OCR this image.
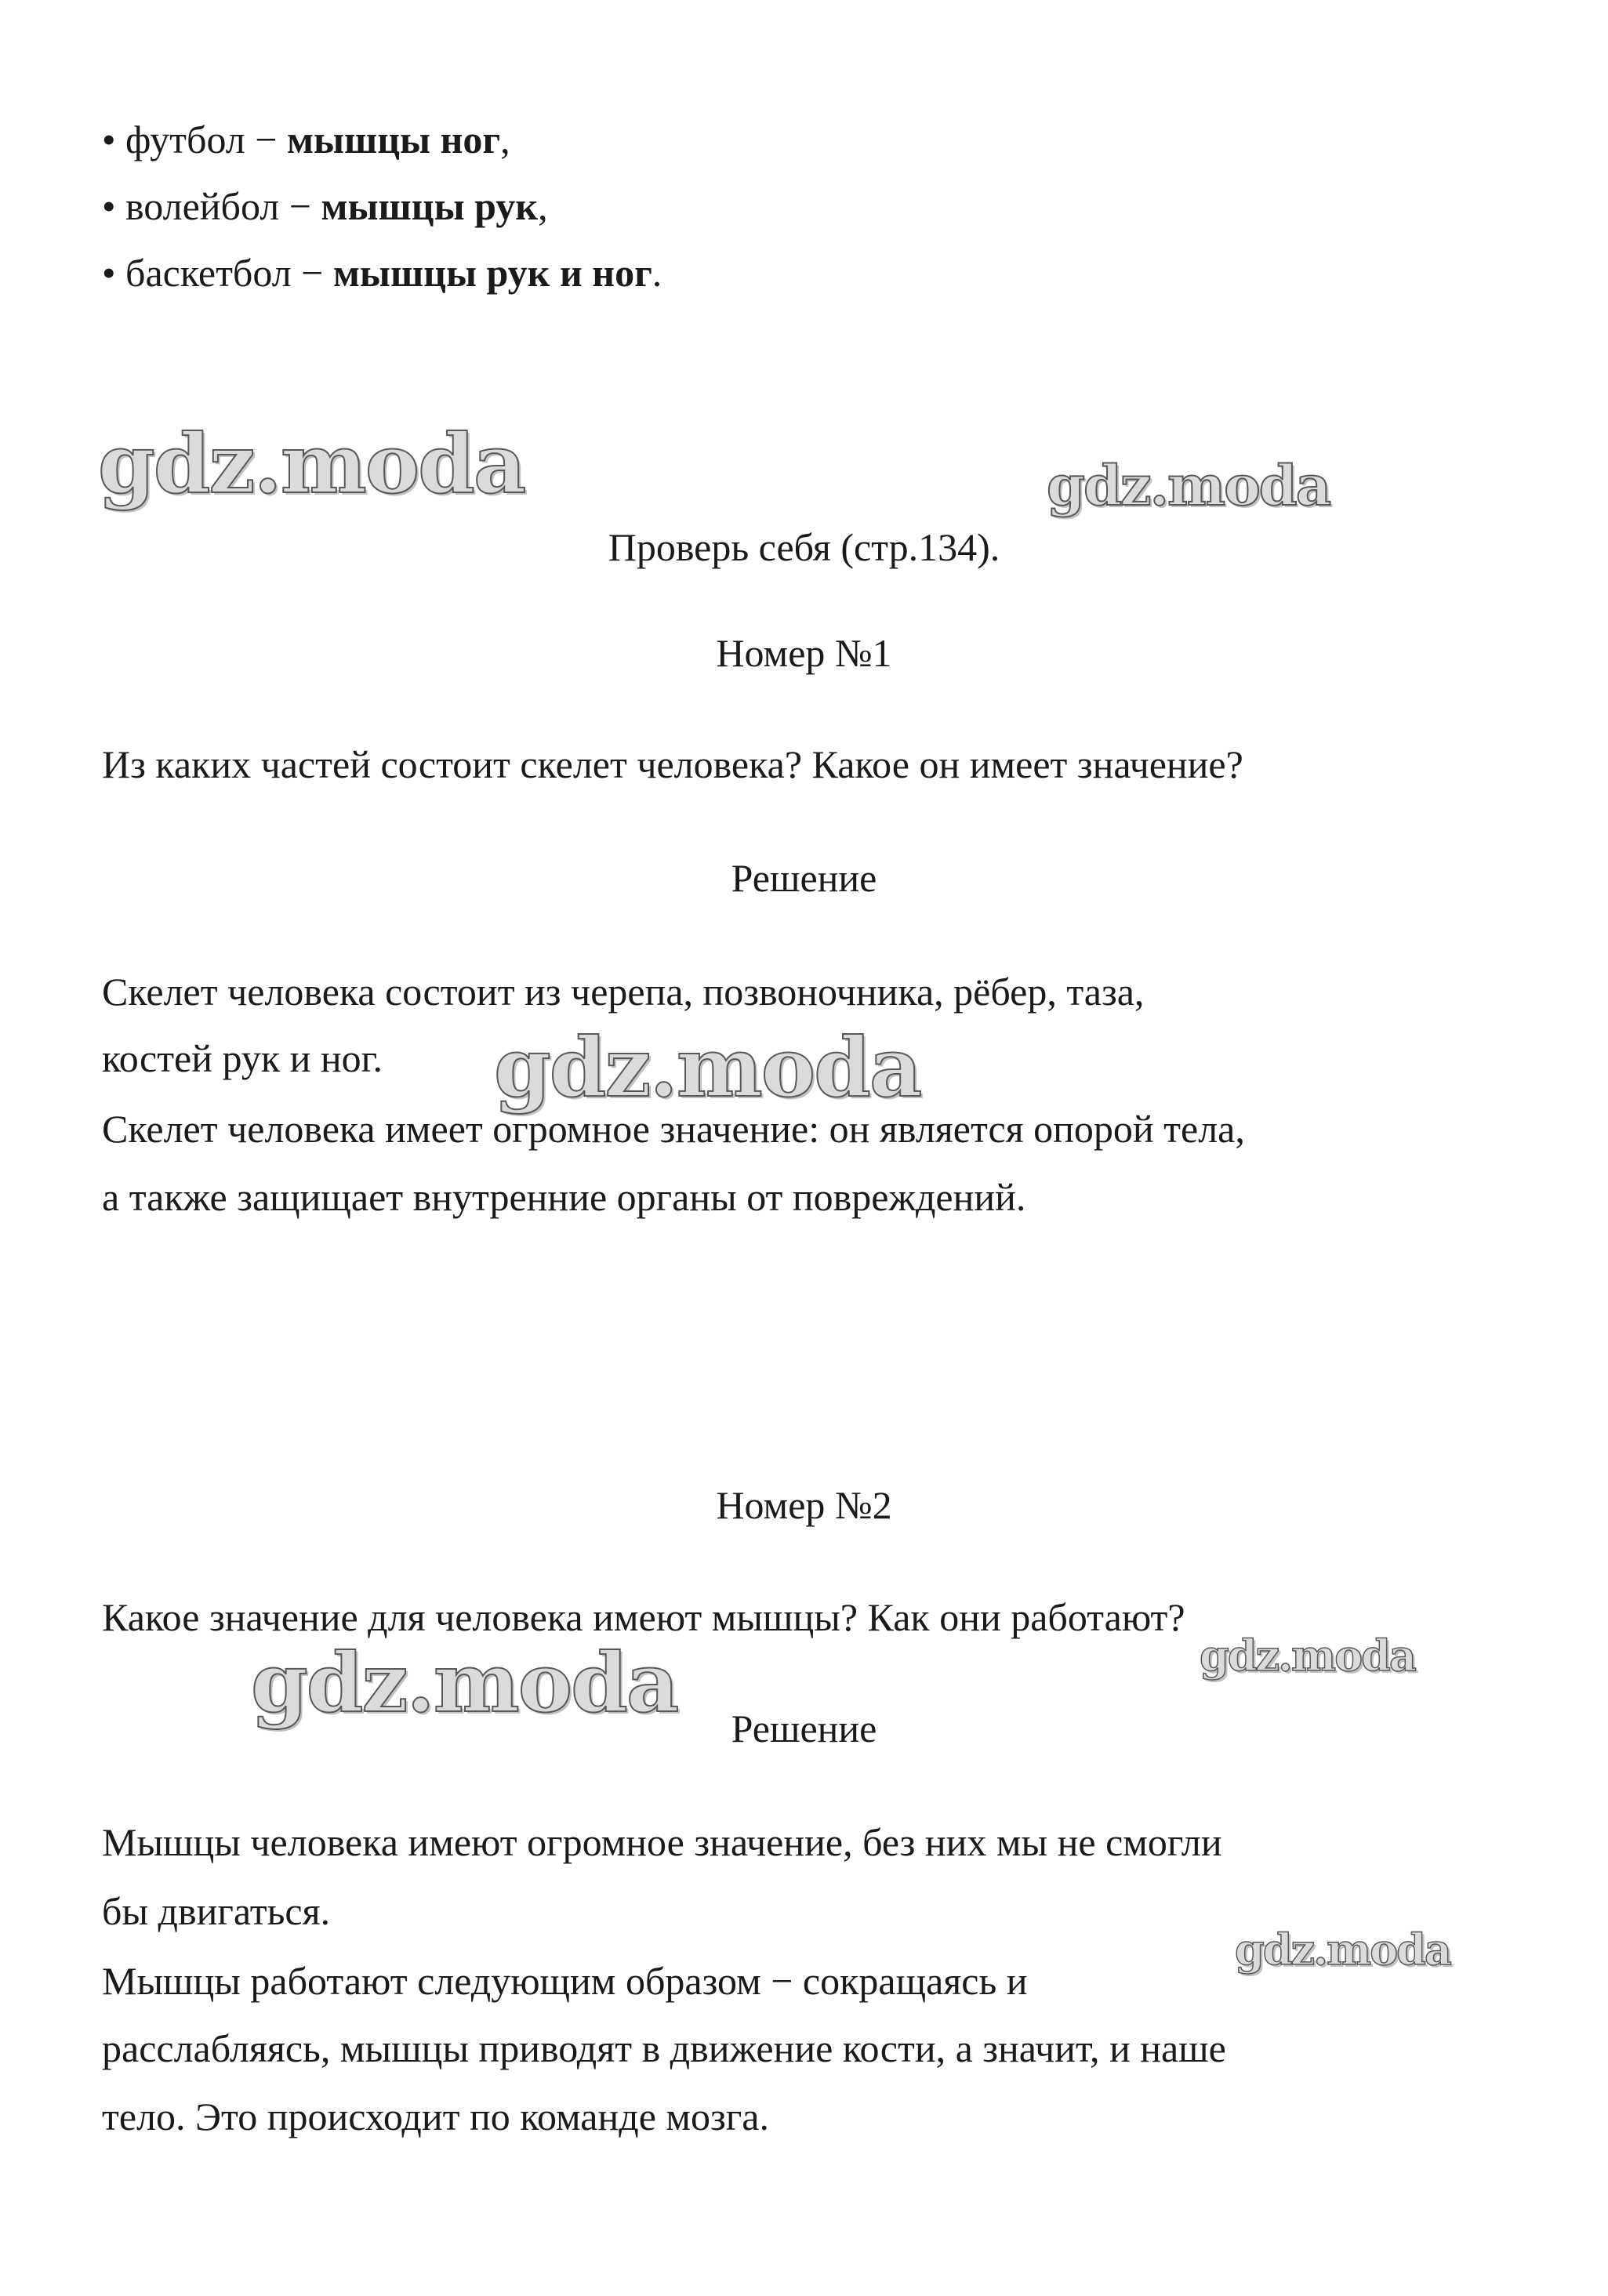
• футбол − мышцы ног,
• волейбол − мышцы рук,
• баскетбол − мышцы рук и ног.
Проверь себя (стр.134).
Номер №1
Из каких частей состоит скелет человека? Какое он имеет значение?
Решение
Скелет человека состоит из черепа, позвоночника, рёбер, таза,
костей рук и ног.
Скелет человека имеет огромное значение: он является опорой тела,
а также защищает внутренние органы от повреждений.
Номер №2
Какое значение для человека имеют мышцы? Как они работают?
Решение
Мышцы человека имеют огромное значение, без них мы не смогли
бы двигаться.
Мышцы работают следующим образом − сокращаясь и
расслабляясь, мышцы приводят в движение кости, а значит, и наше
тело. Это происходит по команде мозга.
gdz.moda	gdz.moda
gdz.moda
gdz.moda	gdz.moda
gdz.moda
